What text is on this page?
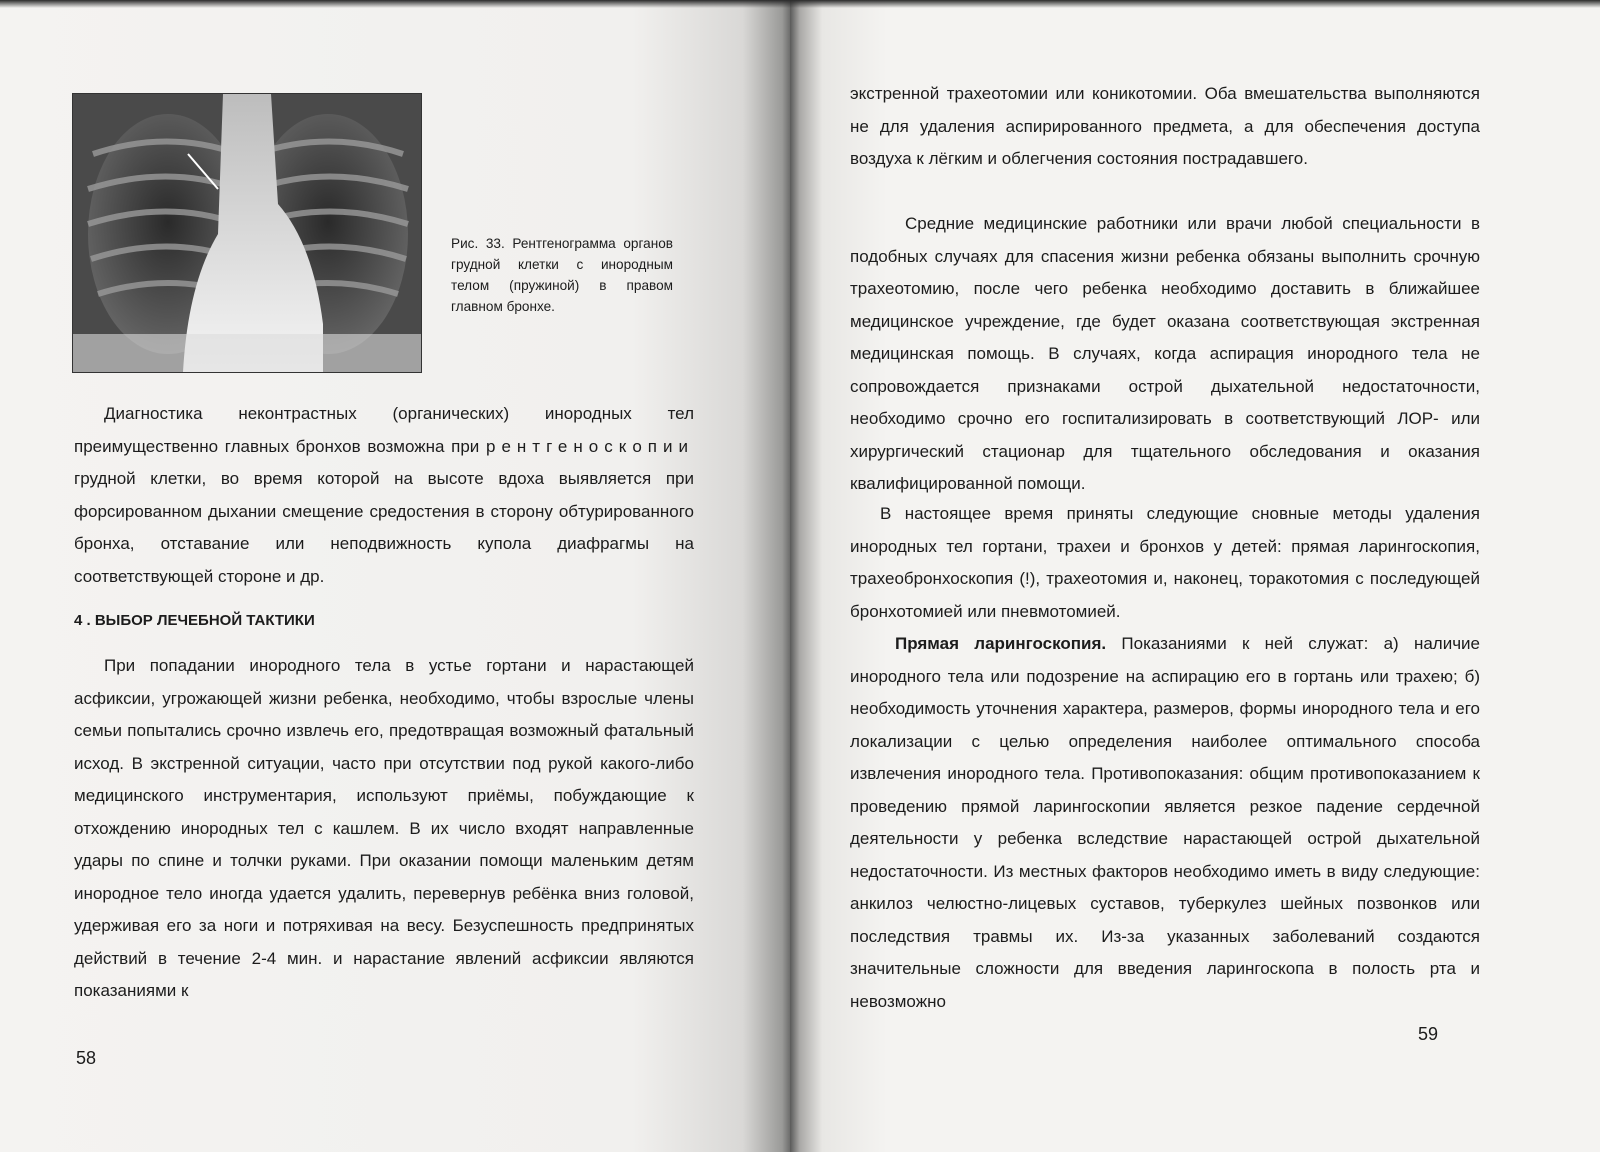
Рис. 33. Рентгенограмма органов грудной клетки с инородным телом (пружиной) в правом главном бронхе.

Диагностика неконтрастных (органических) инородных тел преимущественно главных бронхов возможна при рентгеноскопии грудной клетки, во время которой на высоте вдоха выявляется при форсированном дыхании смещение средостения в сторону обтурированного бронха, отставание или неподвижность купола диафрагмы на соответствующей стороне и др.

4 . ВЫБОР ЛЕЧЕБНОЙ ТАКТИКИ

При попадании инородного тела в устье гортани и нарастающей асфиксии, угрожающей жизни ребенка, необходимо, чтобы взрослые члены семьи попытались срочно извлечь его, предотвращая возможный фатальный исход. В экстренной ситуации, часто при отсутствии под рукой какого-либо медицинского инструментария, используют приёмы, побуждающие к отхождению инородных тел с кашлем. В их число входят направленные удары по спине и толчки руками. При оказании помощи маленьким детям инородное тело иногда удается удалить, перевернув ребёнка вниз головой, удерживая его за ноги и потряхивая на весу. Безуспешность предпринятых действий в течение 2-4 мин. и нарастание явлений асфиксии являются показаниями к

58

экстренной трахеотомии или коникотомии. Оба вмешательства выполняются не для удаления аспирированного предмета, а для обеспечения доступа воздуха к лёгким и облегчения состояния пострадавшего.

Средние медицинские работники или врачи любой специальности в подобных случаях для спасения жизни ребенка обязаны выполнить срочную трахеотомию, после чего ребенка необходимо доставить в ближайшее медицинское учреждение, где будет оказана соответствующая экстренная медицинская помощь. В случаях, когда аспирация инородного тела не сопровождается признаками острой дыхательной недостаточности, необходимо срочно его госпитализировать в соответствующий ЛОР- или хирургический стационар для тщательного обследования и оказания квалифицированной помощи.

В настоящее время приняты следующие сновные методы удаления инородных тел гортани, трахеи и бронхов у детей: прямая ларингоскопия, трахеобронхоскопия (!), трахеотомия и, наконец, торакотомия с последующей бронхотомией или пневмотомией.

Прямая ларингоскопия. Показаниями к ней служат: а) наличие инородного тела или подозрение на аспирацию его в гортань или трахею; б) необходимость уточнения характера, размеров, формы инородного тела и его локализации с целью определения наиболее оптимального способа извлечения инородного тела. Противопоказания: общим противопоказанием к проведению прямой ларингоскопии является резкое падение сердечной деятельности у ребенка вследствие нарастающей острой дыхательной недостаточности. Из местных факторов необходимо иметь в виду следующие: анкилоз челюстно-лицевых суставов, туберкулез шейных позвонков или последствия травмы их. Из-за указанных заболеваний создаются значительные сложности для введения ларингоскопа в полость рта и невозможно

59
